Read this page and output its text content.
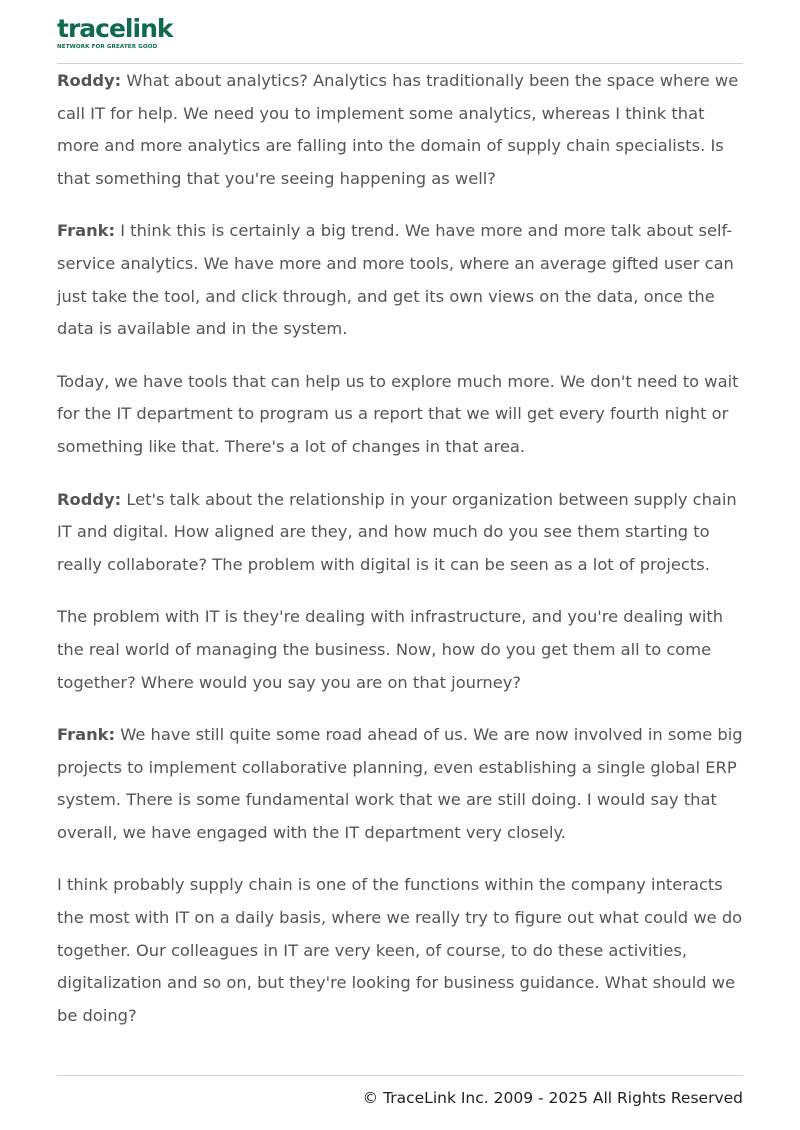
tracelink
NETWORK FOR GREATER GOOD

Roddy: What about analytics? Analytics has traditionally been the space where we call IT for help. We need you to implement some analytics, whereas I think that more and more analytics are falling into the domain of supply chain specialists. Is that something that you're seeing happening as well?

Frank: I think this is certainly a big trend. We have more and more talk about self-service analytics. We have more and more tools, where an average gifted user can just take the tool, and click through, and get its own views on the data, once the data is available and in the system.

Today, we have tools that can help us to explore much more. We don't need to wait for the IT department to program us a report that we will get every fourth night or something like that. There's a lot of changes in that area.

Roddy: Let's talk about the relationship in your organization between supply chain IT and digital. How aligned are they, and how much do you see them starting to really collaborate? The problem with digital is it can be seen as a lot of projects.

The problem with IT is they're dealing with infrastructure, and you're dealing with the real world of managing the business. Now, how do you get them all to come together? Where would you say you are on that journey?

Frank: We have still quite some road ahead of us. We are now involved in some big projects to implement collaborative planning, even establishing a single global ERP system. There is some fundamental work that we are still doing. I would say that overall, we have engaged with the IT department very closely.

I think probably supply chain is one of the functions within the company interacts the most with IT on a daily basis, where we really try to figure out what could we do together. Our colleagues in IT are very keen, of course, to do these activities, digitalization and so on, but they're looking for business guidance. What should we be doing?

© TraceLink Inc. 2009 - 2025 All Rights Reserved
